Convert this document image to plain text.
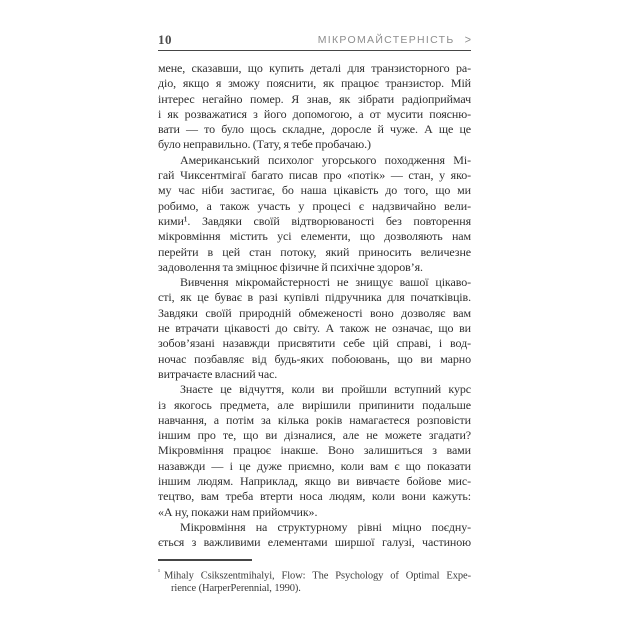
10	МІКРОМАЙСТЕРНІСТЬ >
мене, сказавши, що купить деталі для транзисторного ра-
діо, якщо я зможу пояснити, як працює транзистор. Мій
інтерес негайно помер. Я знав, як зібрати радіоприймач
і як розважатися з його допомогою, а от мусити поясню-
вати — то було щось складне, дорослe й чуже. А ще це
було неправильно. (Тату, я тебе пробачаю.)
Американський психолог угорського походження Мі-
гай Чиксентмігаї багато писав про «потік» — стан, у яко-
му час ніби застигає, бо наша цікавість до того, що ми
робимо, а також участь у процесі є надзвичайно вели-
кими¹. Завдяки своїй відтворюваності без повторення
мікровміння містить усі елементи, що дозволяють нам
перейти в цей стан потоку, який приносить величезне
задоволення та зміцнює фізичне й психічне здоров’я.
Вивчення мікромайстерності не знищує вашої цікаво-
сті, як це буває в разі купівлі підручника для початківців.
Завдяки своїй природній обмеженості воно дозволяє вам
не втрачати цікавості до світу. А також не означає, що ви
зобов’язані назавжди присвятити себе цій справі, і вод-
ночас позбавляє від будь-яких побоювань, що ви марно
витрачаєте власний час.
Знаєте це відчуття, коли ви пройшли вступний курс
із якогось предмета, але вирішили припинити подальше
навчання, а потім за кілька років намагаєтеся розповісти
іншим про те, що ви дізналися, але не можете згадати?
Мікровміння працює інакше. Воно залишиться з вами
назавжди — і це дуже приємно, коли вам є що показати
іншим людям. Наприклад, якщо ви вивчаєте бойове мис-
тецтво, вам треба втерти носа людям, коли вони кажуть:
«А ну, покажи нам прийомчик».
Мікровміння на структурному рівні міцно поєдну-
ється з важливими елементами ширшої галузі, частиною
$^{^1}$ Mihaly Csikszentmihalyi, Flow: The Psychology of Optimal Expe-
rience (HarperPerennial, 1990).
